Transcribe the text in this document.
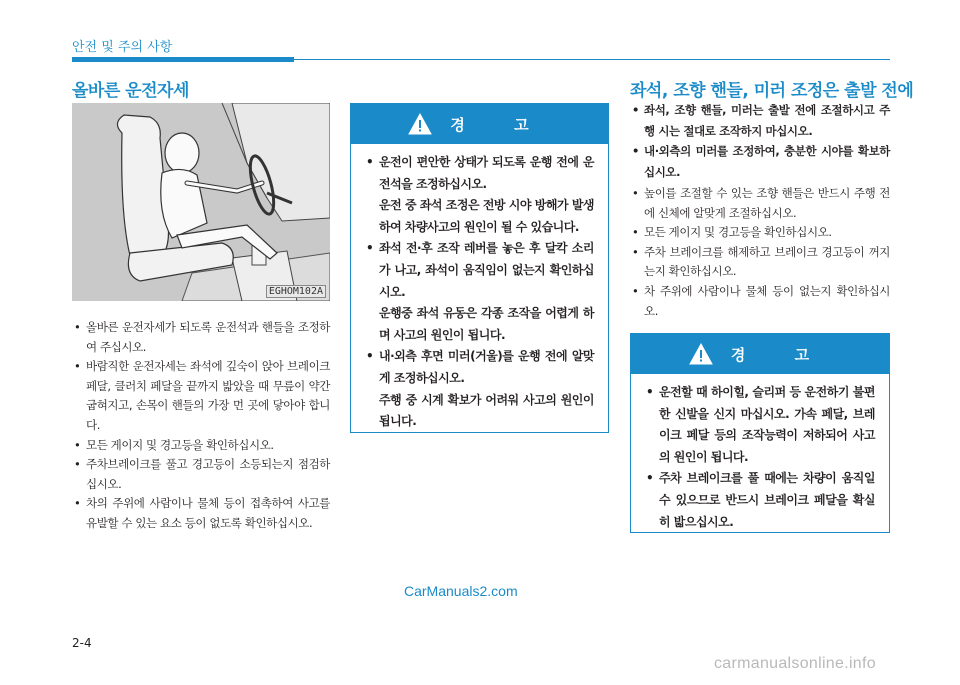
안전 및 주의 사항
올바른 운전자세
EGHOM102A
• 올바른 운전자세가 되도록 운전석과 핸들을 조정하여 주십시오.
• 바람직한 운전자세는 좌석에 깊숙이 앉아 브레이크 페달, 클러치 페달을 끝까지 밟았을 때 무릎이 약간 굽혀지고, 손목이 핸들의 가장 먼 곳에 닿아야 합니다.
• 모든 게이지 및 경고등을 확인하십시오.
• 주차브레이크를 풀고 경고등이 소등되는지 점검하십시오.
• 차의 주위에 사람이나 물체 등이 접촉하여 사고를 유발할 수 있는 요소 등이 없도록 확인하십시오.
경 고
• 운전이 편안한 상태가 되도록 운행 전에 운전석을 조정하십시오.
운전 중 좌석 조정은 전방 시야 방해가 발생하여 차량사고의 원인이 될 수 있습니다.
• 좌석 전·후 조작 레버를 놓은 후 달칵 소리가 나고, 좌석이 움직임이 없는지 확인하십시오.
운행중 좌석 유동은 각종 조작을 어렵게 하며 사고의 원인이 됩니다.
• 내·외측 후면 미러(거울)를 운행 전에 알맞게 조정하십시오.
주행 중 시계 확보가 어려워 사고의 원인이 됩니다.
좌석, 조향 핸들, 미러 조정은 출발 전에
• 좌석, 조향 핸들, 미러는 출발 전에 조절하시고 주행 시는 절대로 조작하지 마십시오.
• 내·외측의 미러를 조정하여, 충분한 시야를 확보하십시오.
• 높이를 조절할 수 있는 조향 핸들은 반드시 주행 전에 신체에 알맞게 조절하십시오.
• 모든 게이지 및 경고등을 확인하십시오.
• 주차 브레이크를 해제하고 브레이크 경고등이 꺼지는지 확인하십시오.
• 차 주위에 사람이나 물체 등이 없는지 확인하십시오.
경 고
• 운전할 때 하이힐, 슬리퍼 등 운전하기 불편한 신발을 신지 마십시오. 가속 페달, 브레이크 페달 등의 조작능력이 저하되어 사고의 원인이 됩니다.
• 주차 브레이크를 풀 때에는 차량이 움직일 수 있으므로 반드시 브레이크 페달을 확실히 밟으십시오.
CarManuals2.com
2-4
carmanualsonline.info
